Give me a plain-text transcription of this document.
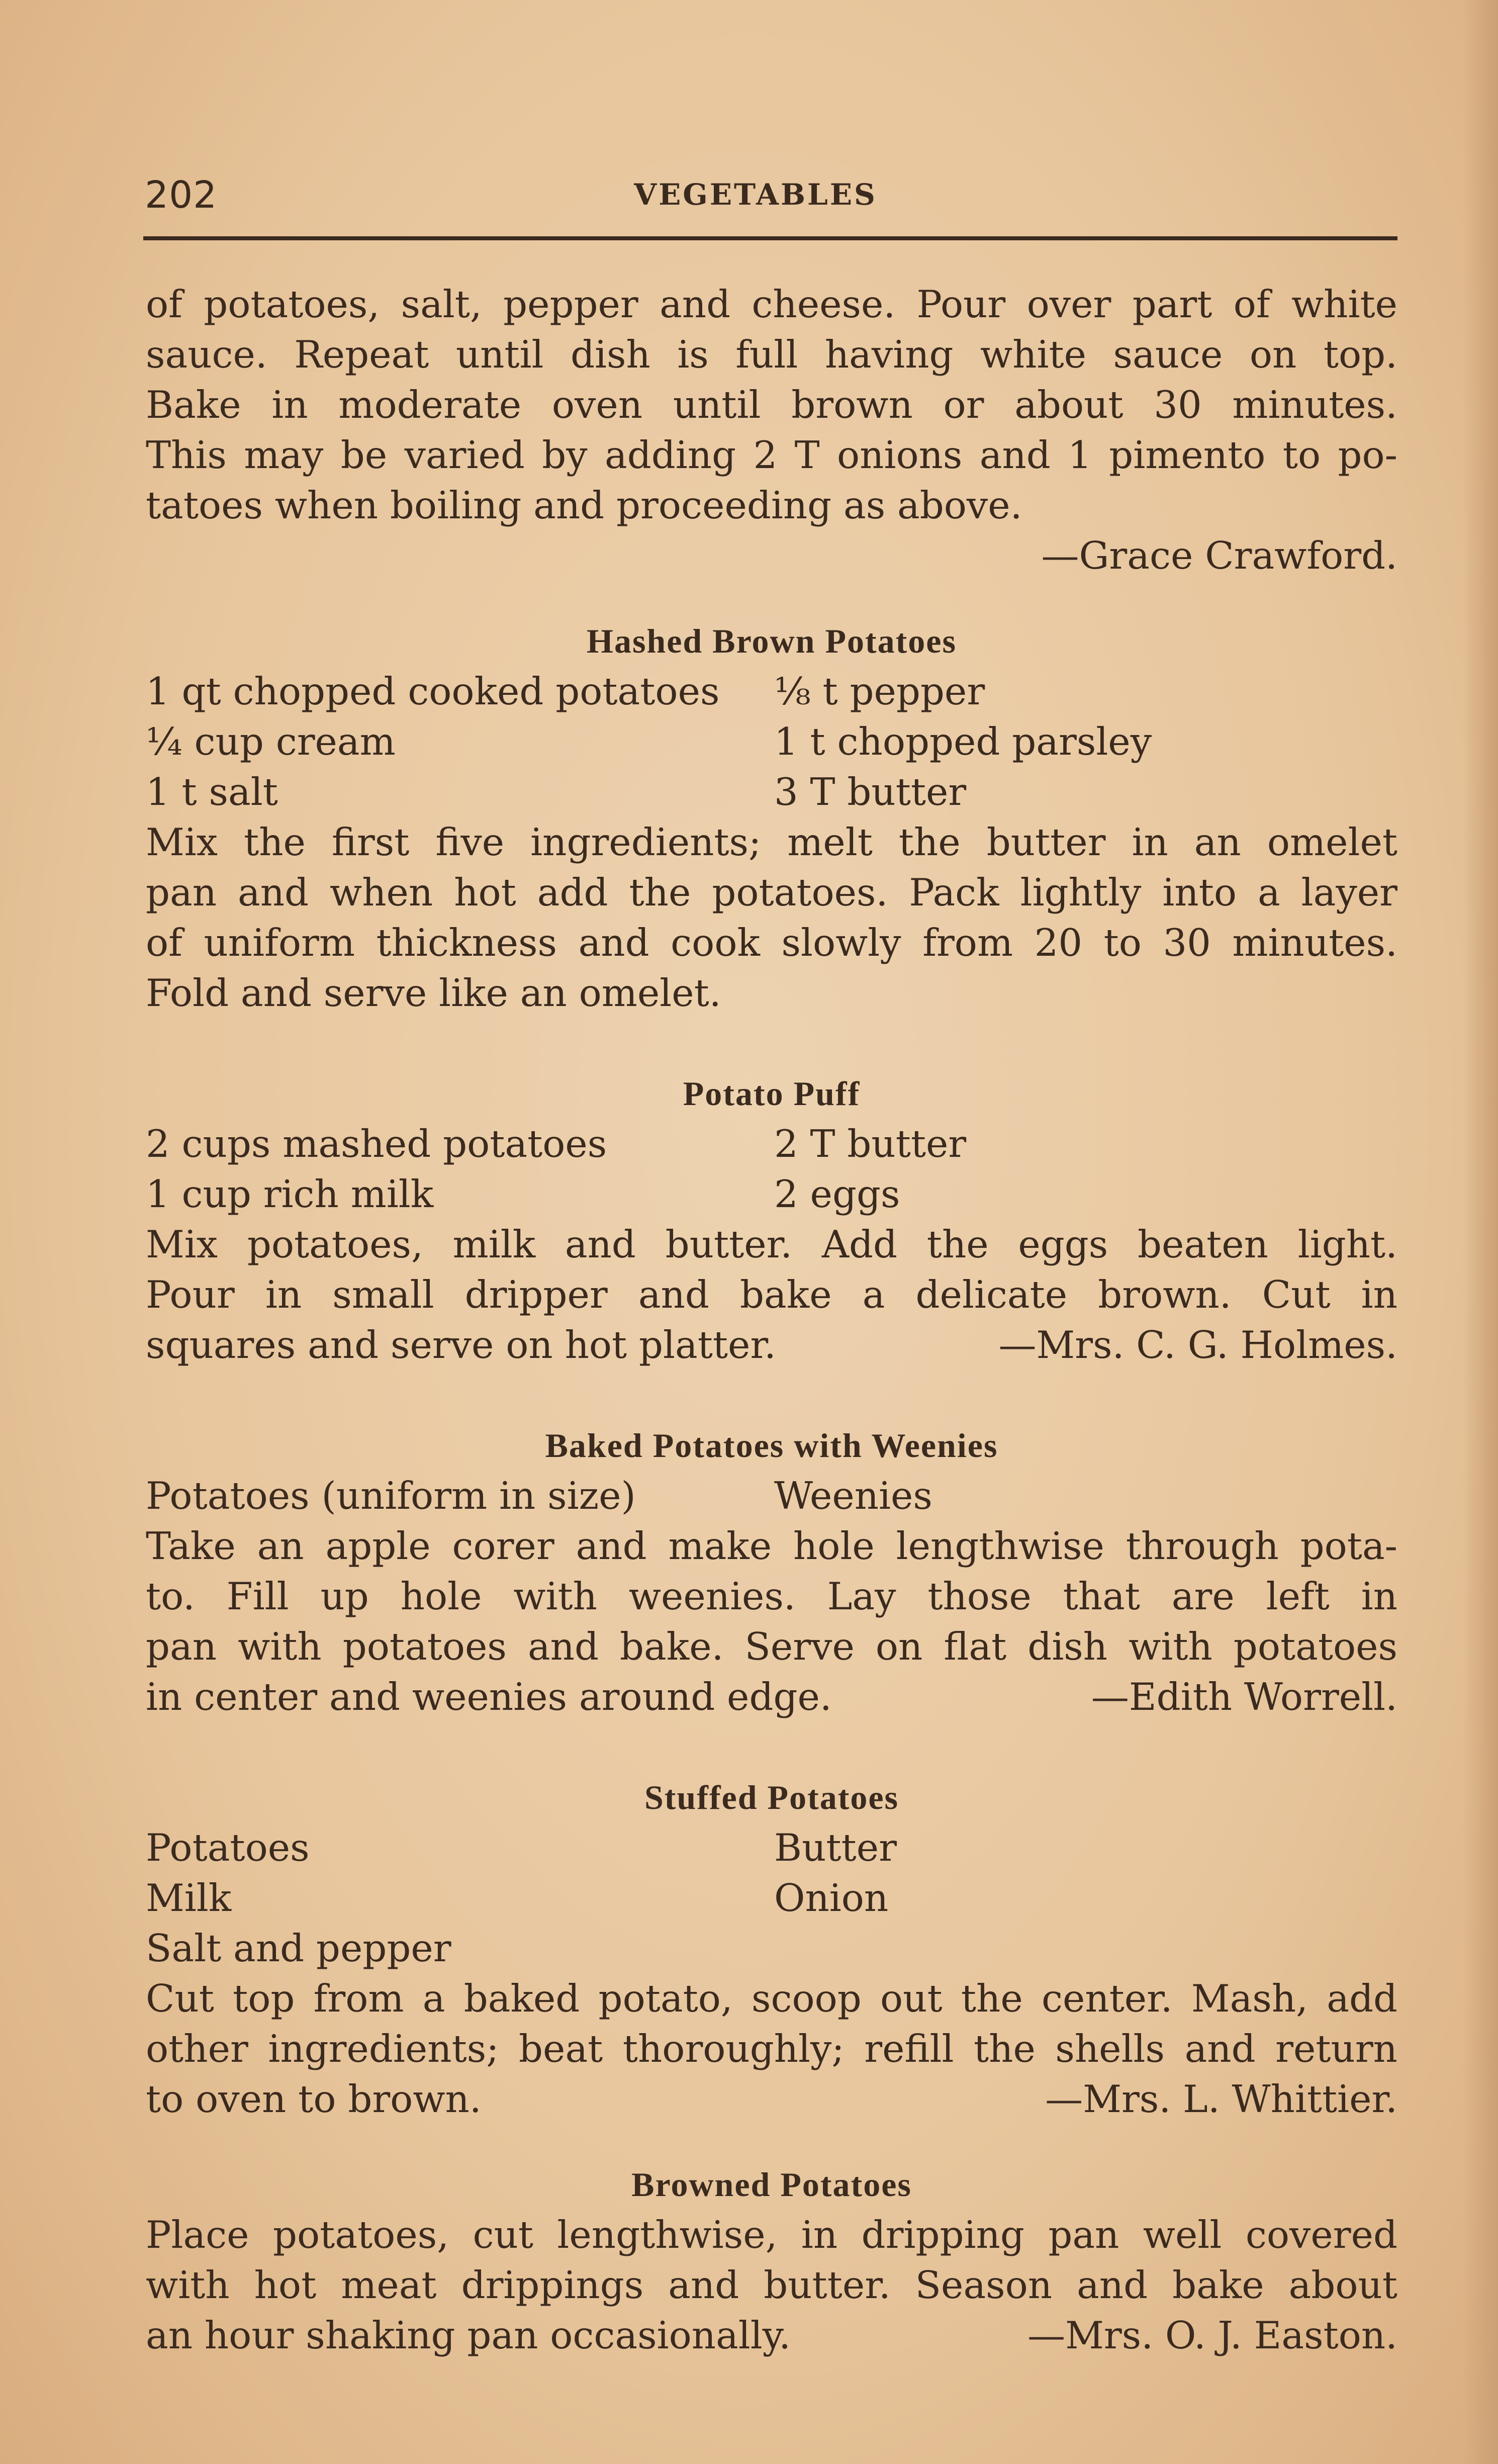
202	VEGETABLES
of potatoes, salt, pepper and cheese. Pour over part of white
sauce. Repeat until dish is full having white sauce on top.
Bake in moderate oven until brown or about 30 minutes.
This may be varied by adding 2 T onions and 1 pimento to po-
tatoes when boiling and proceeding as above.
—Grace Crawford.
Hashed Brown Potatoes
1 qt chopped cooked potatoes ⅛ t pepper
¼ cup cream	1 t chopped parsley
1 t salt	3 T butter
Mix the first five ingredients; melt the butter in an omelet
pan and when hot add the potatoes. Pack lightly into a layer
of uniform thickness and cook slowly from 20 to 30 minutes.
Fold and serve like an omelet.
Potato Puff
2 cups mashed potatoes	2 T butter
1 cup rich milk	2 eggs
Mix potatoes, milk and butter. Add the eggs beaten light.
Pour in small dripper and bake a delicate brown. Cut in
squares and serve on hot platter.	—Mrs. C. G. Holmes.
Baked Potatoes with Weenies
Potatoes (uniform in size)	Weenies
Take an apple corer and make hole lengthwise through pota-
to. Fill up hole with weenies. Lay those that are left in
pan with potatoes and bake. Serve on flat dish with potatoes
in center and weenies around edge.	—Edith Worrell.
Stuffed Potatoes
Potatoes	Butter
Milk	Onion
Salt and pepper
Cut top from a baked potato, scoop out the center. Mash, add
other ingredients; beat thoroughly; refill the shells and return
to oven to brown.	—Mrs. L. Whittier.
Browned Potatoes
Place potatoes, cut lengthwise, in dripping pan well covered
with hot meat drippings and butter. Season and bake about
an hour shaking pan occasionally.	—Mrs. O. J. Easton.
